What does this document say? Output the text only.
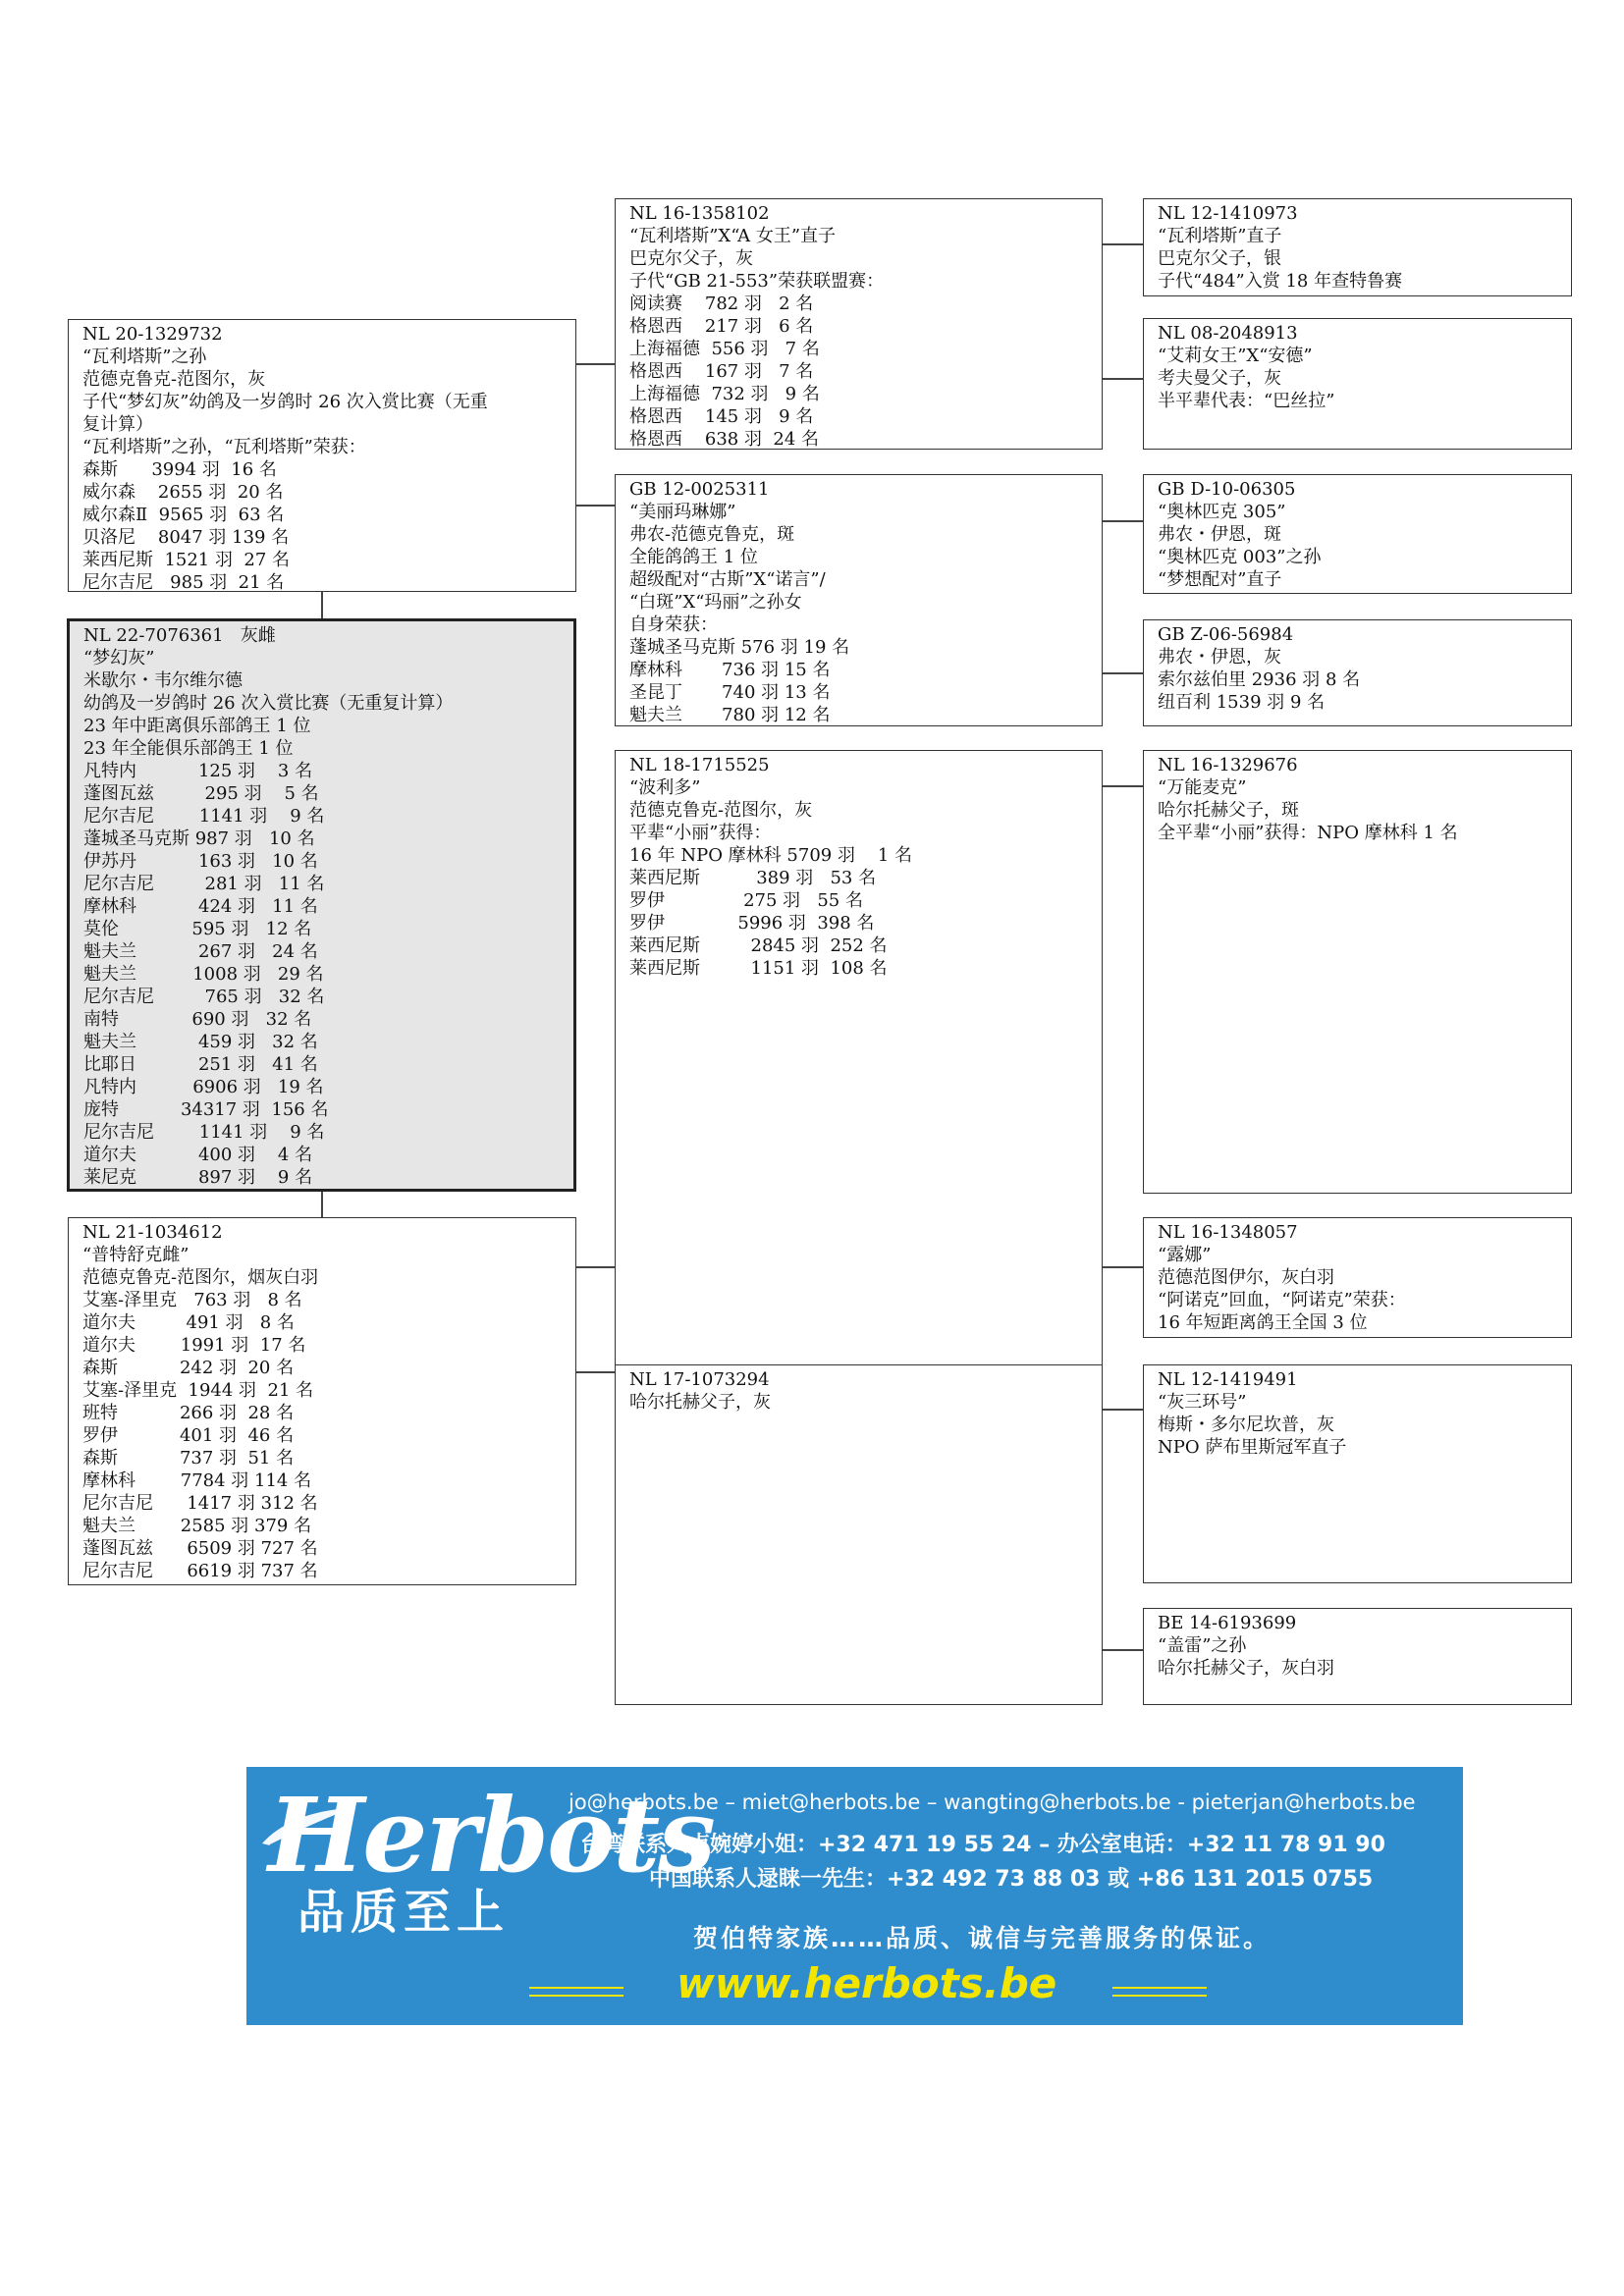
NL 20-1329732
“瓦利塔斯”之孙
范德克鲁克-范图尔，灰
子代“梦幻灰”幼鸽及一岁鸽时 26 次入赏比赛（无重
复计算）
“瓦利塔斯”之孙，“瓦利塔斯”荣获：
森斯      3994 羽  16 名
威尔森    2655 羽  20 名
威尔森Ⅱ  9565 羽  63 名
贝洛尼    8047 羽 139 名
莱西尼斯  1521 羽  27 名
尼尔吉尼   985 羽  21 名
NL 22-7076361   灰雌
“梦幻灰”
米歇尔・韦尔维尔德
幼鸽及一岁鸽时 26 次入赏比赛（无重复计算）
23 年中距离俱乐部鸽王 1 位
23 年全能俱乐部鸽王 1 位
凡特内           125 羽    3 名
蓬图瓦兹         295 羽    5 名
尼尔吉尼        1141 羽    9 名
蓬城圣马克斯 987 羽   10 名
伊苏丹           163 羽   10 名
尼尔吉尼         281 羽   11 名
摩林科           424 羽   11 名
莫伦             595 羽   12 名
魁夫兰           267 羽   24 名
魁夫兰          1008 羽   29 名
尼尔吉尼         765 羽   32 名
南特             690 羽   32 名
魁夫兰           459 羽   32 名
比耶日           251 羽   41 名
凡特内          6906 羽   19 名
庞特           34317 羽  156 名
尼尔吉尼        1141 羽    9 名
道尔夫           400 羽    4 名
莱尼克           897 羽    9 名
NL 21-1034612
“普特舒克雌”
范德克鲁克-范图尔，烟灰白羽
艾塞-泽里克   763 羽   8 名
道尔夫         491 羽   8 名
道尔夫        1991 羽  17 名
森斯           242 羽  20 名
艾塞-泽里克  1944 羽  21 名
班特           266 羽  28 名
罗伊           401 羽  46 名
森斯           737 羽  51 名
摩林科        7784 羽 114 名
尼尔吉尼      1417 羽 312 名
魁夫兰        2585 羽 379 名
蓬图瓦兹      6509 羽 727 名
尼尔吉尼      6619 羽 737 名
NL 16-1358102
“瓦利塔斯”X“A 女王”直子
巴克尔父子，灰
子代“GB 21-553”荣获联盟赛：
阅读赛    782 羽   2 名
格恩西    217 羽   6 名
上海福德  556 羽   7 名
格恩西    167 羽   7 名
上海福德  732 羽   9 名
格恩西    145 羽   9 名
格恩西    638 羽  24 名
GB 12-0025311
“美丽玛琳娜”
弗农-范德克鲁克，斑
全能鸽鸽王 1 位
超级配对“古斯”X“诺言”/
“白斑”X“玛丽”之孙女
自身荣获：
蓬城圣马克斯 576 羽 19 名
摩林科       736 羽 15 名
圣昆丁       740 羽 13 名
魁夫兰       780 羽 12 名
NL 18-1715525
“波利多”
范德克鲁克-范图尔，灰
平辈“小丽”获得：
16 年 NPO 摩林科 5709 羽    1 名
莱西尼斯          389 羽   53 名
罗伊              275 羽   55 名
罗伊             5996 羽  398 名
莱西尼斯         2845 羽  252 名
莱西尼斯         1151 羽  108 名
NL 17-1073294
哈尔托赫父子，灰
NL 12-1410973
“瓦利塔斯”直子
巴克尔父子，银
子代“484”入赏 18 年查特鲁赛
NL 08-2048913
“艾莉女王”X“安德”
考夫曼父子，灰
半平辈代表：“巴丝拉”
GB D-10-06305
“奥林匹克 305”
弗农・伊恩，斑
“奥林匹克 003”之孙
“梦想配对”直子
GB Z-06-56984
弗农・伊恩，灰
索尔兹伯里 2936 羽 8 名
纽百利 1539 羽 9 名
NL 16-1329676
“万能麦克”
哈尔托赫父子，斑
全平辈“小丽”获得：NPO 摩林科 1 名
NL 16-1348057
“露娜”
范德范图伊尔，灰白羽
“阿诺克”回血，“阿诺克”荣获：
16 年短距离鸽王全国 3 位
NL 12-1419491
“灰三环号”
梅斯・多尔尼坎普，灰
NPO 萨布里斯冠军直子
BE 14-6193699
“盖雷”之孙
哈尔托赫父子，灰白羽
Herbots
品质至上
jo@herbots.be – miet@herbots.be – wangting@herbots.be - pieterjan@herbots.be
台湾联系人卢婉婷小姐：+32 471 19 55 24 – 办公室电话：+32 11 78 91 90
中国联系人逯睐一先生：+32 492 73 88 03 或 +86 131 2015 0755
贺伯特家族……品质、诚信与完善服务的保证。
www.herbots.be
